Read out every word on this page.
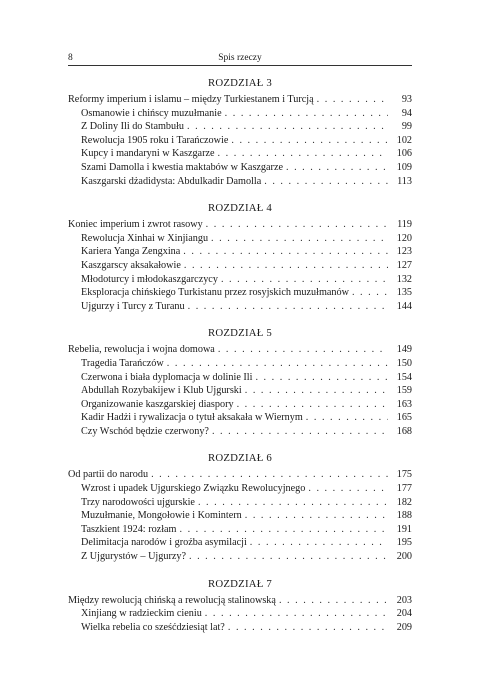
8	Spis rzeczy
ROZDZIAŁ 3
Reformy imperium i islamu – między Turkiestanem i Turcją . . .	93
Osmanowie i chińscy muzułmanie . . .	94
Z Doliny Ili do Stambułu . . .	99
Rewolucja 1905 roku i Tarańczowie . . .	102
Kupcy i mandaryni w Kaszgarze . . .	106
Szami Damolla i kwestia maktabów w Kaszgarze . . .	109
Kaszgarski dżadidysta: Abdulkadir Damolla . . .	113
ROZDZIAŁ 4
Koniec imperium i zwrot rasowy . . .	119
Rewolucja Xinhai w Xinjiangu . . .	120
Kariera Yanga Zengxina . . .	123
Kaszgarscy aksakałowie . . .	127
Młodoturcy i młodokaszgarczycy . . .	132
Eksploracja chińskiego Turkistanu przez rosyjskich muzułmanów . . .	135
Ujgurzy i Turcy z Turanu . . .	144
ROZDZIAŁ 5
Rebelia, rewolucja i wojna domowa . . .	149
Tragedia Tarańczów . . .	150
Czerwona i biała dyplomacja w dolinie Ili . . .	154
Abdullah Rozybakijew i Klub Ujgurski . . .	159
Organizowanie kaszgarskiej diaspory . . .	163
Kadir Hadżi i rywalizacja o tytuł aksakała w Wiernym . . .	165
Czy Wschód będzie czerwony? . . .	168
ROZDZIAŁ 6
Od partii do narodu . . .	175
Wzrost i upadek Ujgurskiego Związku Rewolucyjnego . . .	177
Trzy narodowości ujgurskie . . .	182
Muzułmanie, Mongołowie i Komintern . . .	188
Taszkient 1924: rozłam . . .	191
Delimitacja narodów i groźba asymilacji . . .	195
Z Ujgurystów – Ujgurzy? . . .	200
ROZDZIAŁ 7
Między rewolucją chińską a rewolucją stalinowską . . .	203
Xinjiang w radzieckim cieniu . . .	204
Wielka rebelia co sześćdziesiąt lat? . . .	209
